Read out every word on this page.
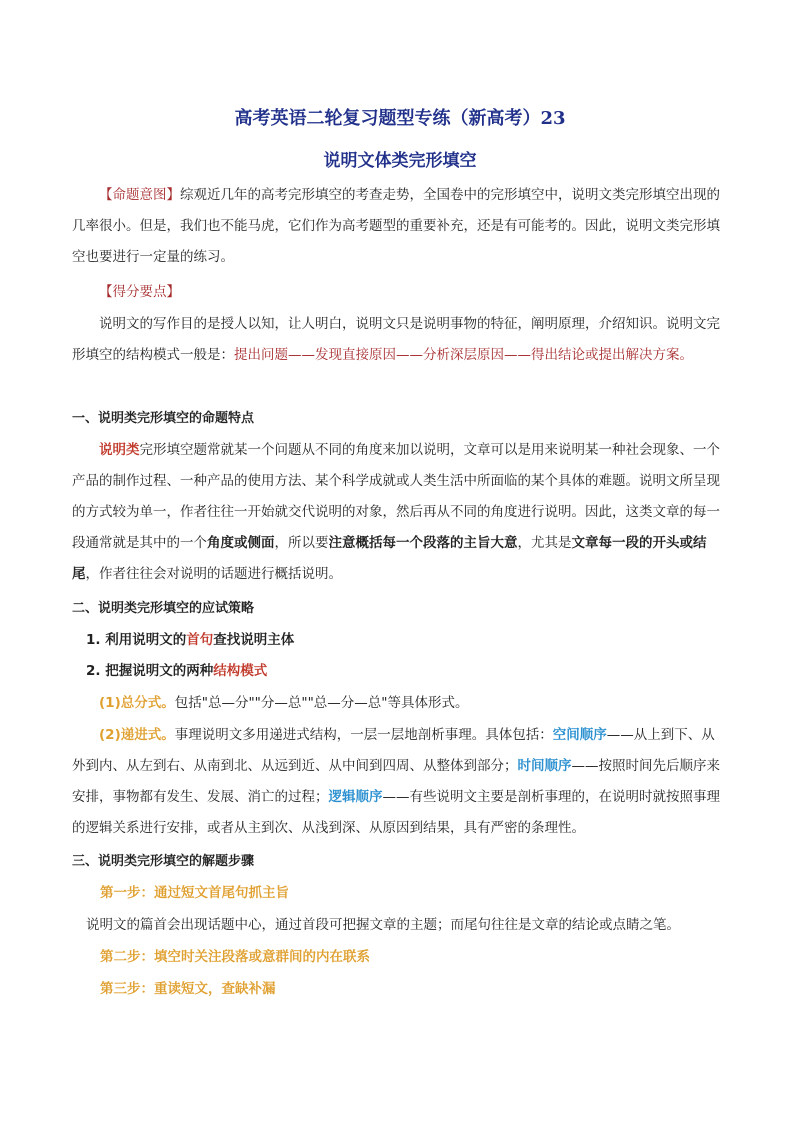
高考英语二轮复习题型专练（新高考）23
说明文体类完形填空
【命题意图】综观近几年的高考完形填空的考查走势，全国卷中的完形填空中，说明文类完形填空出现的几率很小。但是，我们也不能马虎，它们作为高考题型的重要补充，还是有可能考的。因此，说明文类完形填空也要进行一定量的练习。
【得分要点】
说明文的写作目的是授人以知，让人明白，说明文只是说明事物的特征，阐明原理，介绍知识。说明文完形填空的结构模式一般是：提出问题——发现直接原因——分析深层原因——得出结论或提出解决方案。
一、说明类完形填空的命题特点
说明类完形填空题常就某一个问题从不同的角度来加以说明，文章可以是用来说明某一种社会现象、一个产品的制作过程、一种产品的使用方法、某个科学成就或人类生活中所面临的某个具体的难题。说明文所呈现的方式较为单一，作者往往一开始就交代说明的对象，然后再从不同的角度进行说明。因此，这类文章的每一段通常就是其中的一个角度或侧面，所以要注意概括每一个段落的主旨大意，尤其是文章每一段的开头或结尾，作者往往会对说明的话题进行概括说明。
二、说明类完形填空的应试策略
1. 利用说明文的首句查找说明主体
2. 把握说明文的两种结构模式
(1)总分式。包括"总—分""分—总""总—分—总"等具体形式。
(2)递进式。事理说明文多用递进式结构，一层一层地剖析事理。具体包括：空间顺序——从上到下、从外到内、从左到右、从南到北、从远到近、从中间到四周、从整体到部分；时间顺序——按照时间先后顺序来安排，事物都有发生、发展、消亡的过程；逻辑顺序——有些说明文主要是剖析事理的，在说明时就按照事理的逻辑关系进行安排，或者从主到次、从浅到深、从原因到结果，具有严密的条理性。
三、说明类完形填空的解题步骤
第一步：通过短文首尾句抓主旨
说明文的篇首会出现话题中心，通过首段可把握文章的主题；而尾句往往是文章的结论或点睛之笔。
第二步：填空时关注段落或意群间的内在联系
第三步：重读短文，查缺补漏
